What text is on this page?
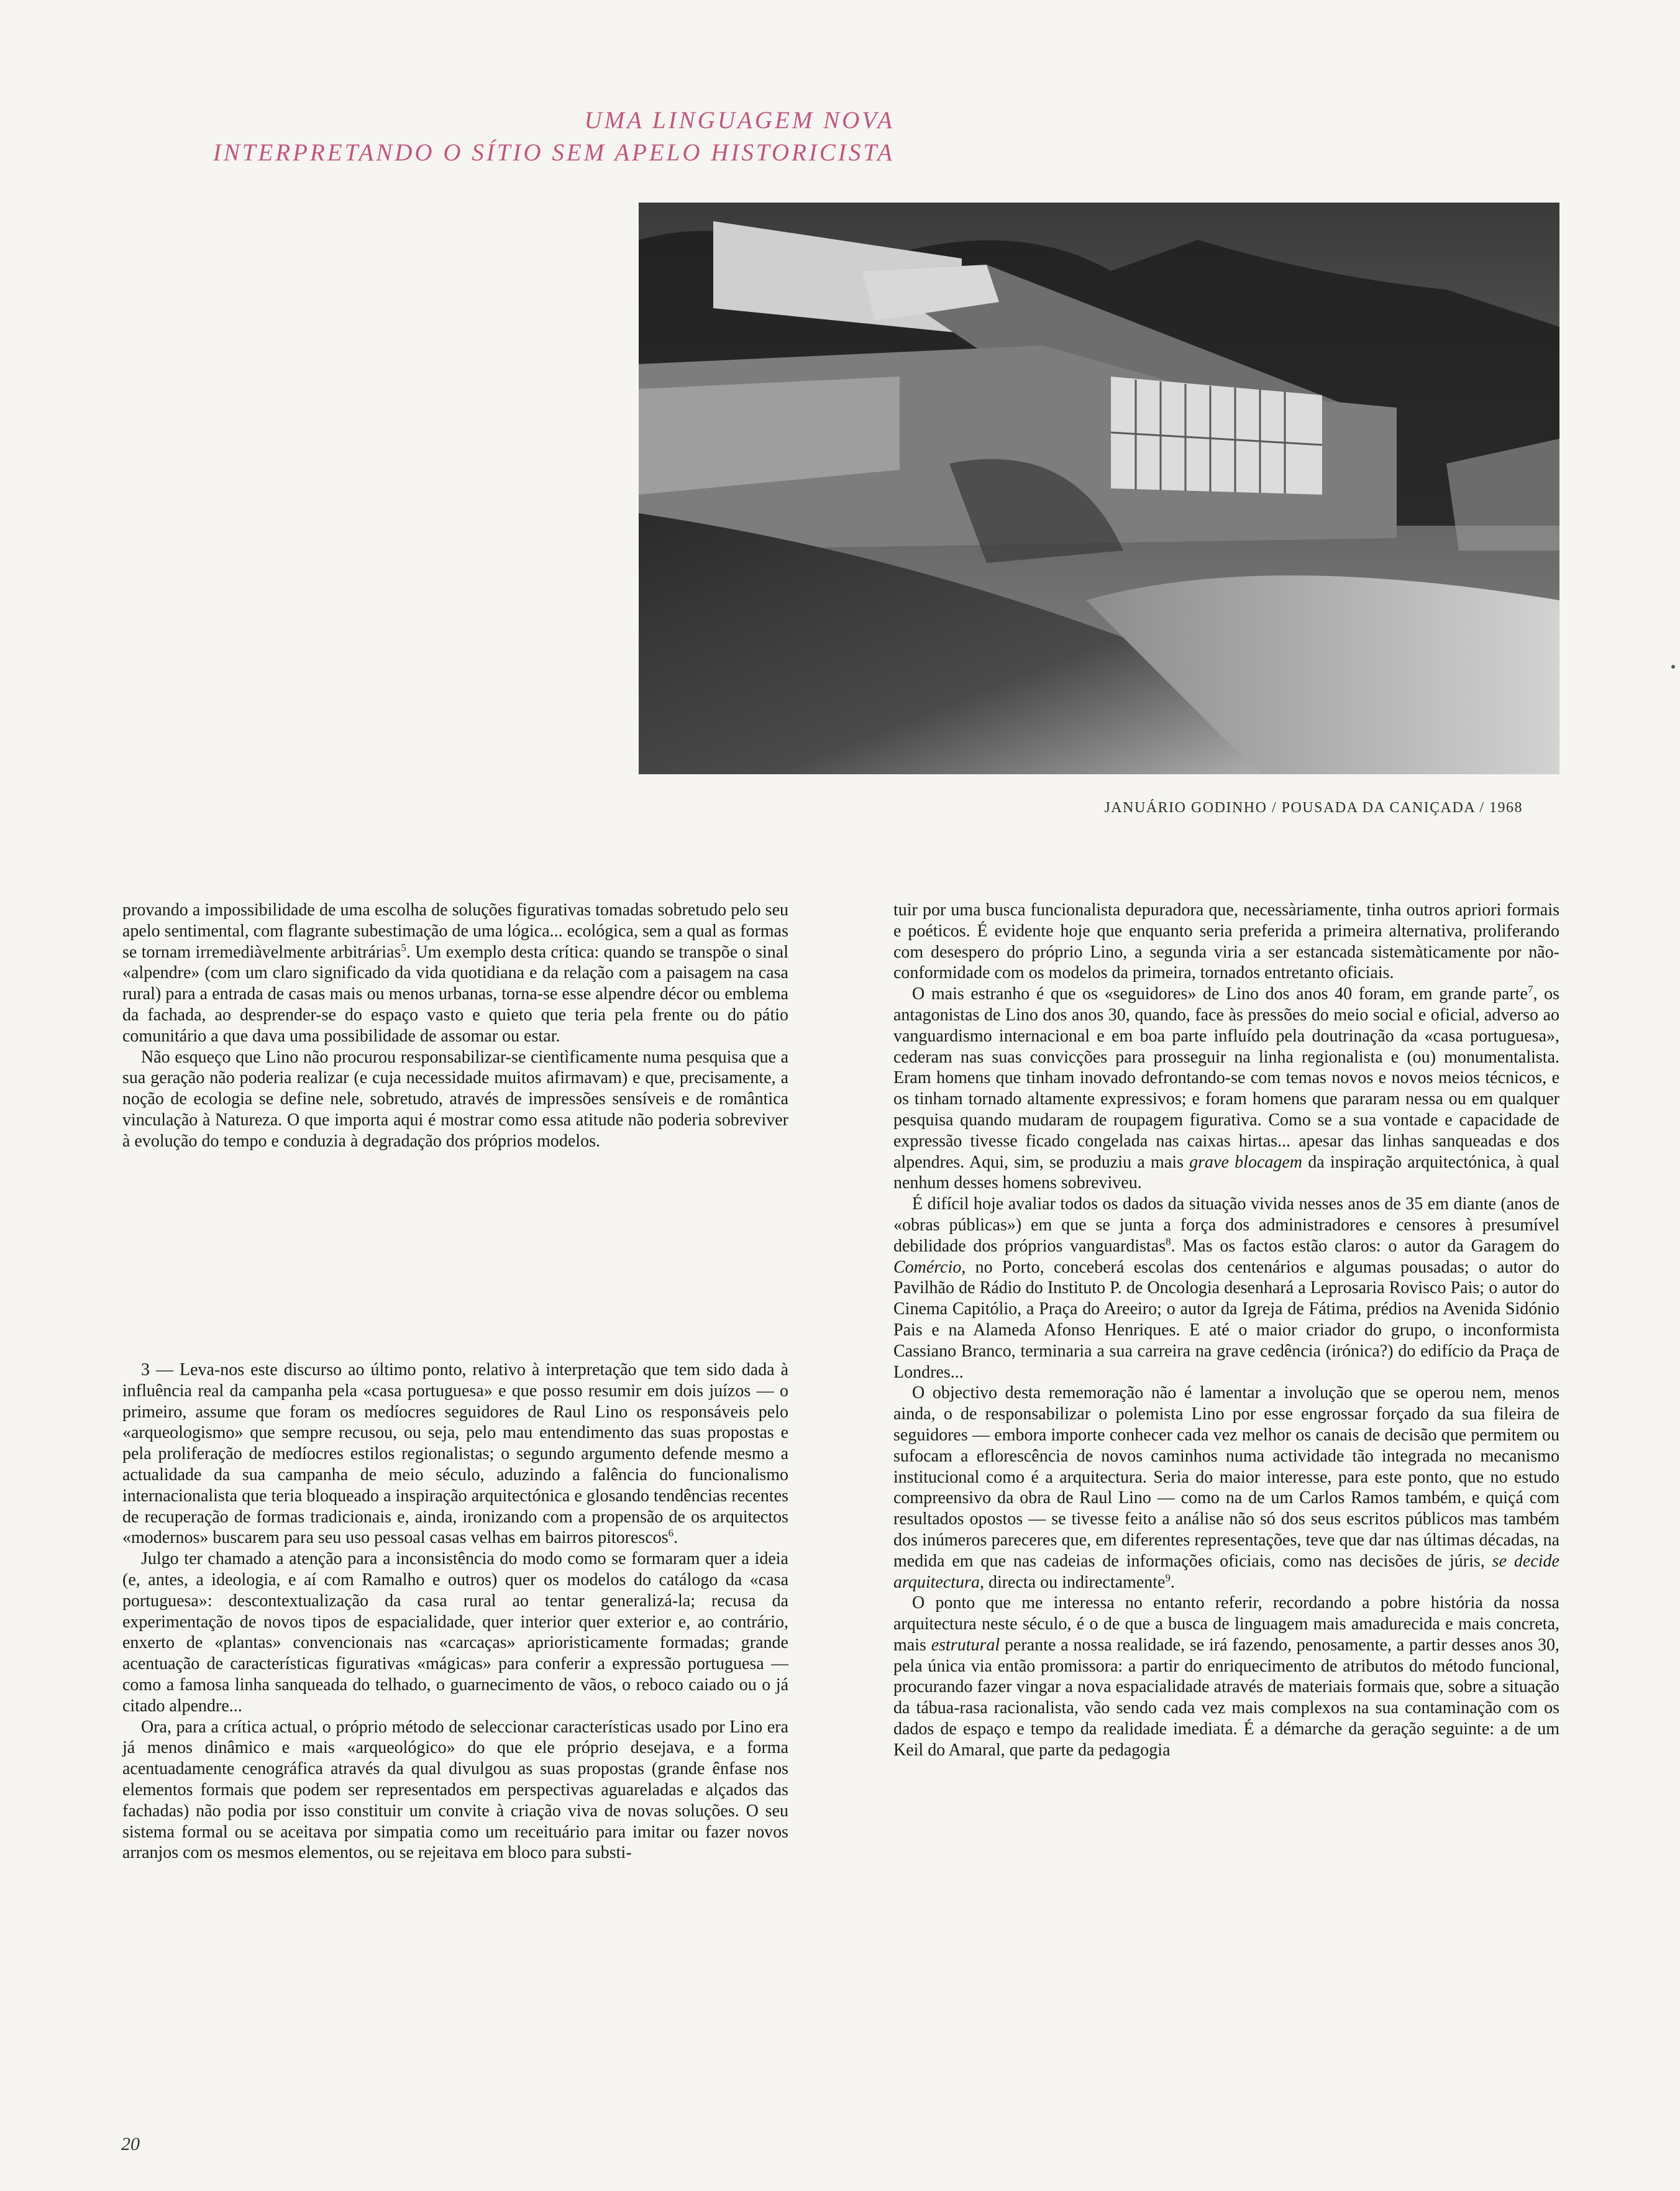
UMA LINGUAGEM NOVA
INTERPRETANDO O SÍTIO SEM APELO HISTORICISTA
JANUÁRIO GODINHO / POUSADA DA CANIÇADA / 1968

provando a impossibilidade de uma escolha de soluções figurativas tomadas sobretudo pelo seu apelo sentimental, com flagrante subestimação de uma lógica... ecológica, sem a qual as formas se tornam irremediàvelmente arbitrárias$^5$. Um exemplo desta crítica: quando se transpõe o sinal «alpendre» (com um claro significado da vida quotidiana e da relação com a paisagem na casa rural) para a entrada de casas mais ou menos urbanas, torna-se esse alpendre décor ou emblema da fachada, ao desprender-se do espaço vasto e quieto que teria pela frente ou do pátio comunitário a que dava uma possibilidade de assomar ou estar.

Não esqueço que Lino não procurou responsabilizar-se cientìficamente numa pesquisa que a sua geração não poderia realizar (e cuja necessidade muitos afirmavam) e que, precisamente, a noção de ecologia se define nele, sobretudo, através de impressões sensíveis e de romântica vinculação à Natureza. O que importa aqui é mostrar como essa atitude não poderia sobreviver à evolução do tempo e conduzia à degradação dos próprios modelos.

3 — Leva-nos este discurso ao último ponto, relativo à interpretação que tem sido dada à influência real da campanha pela «casa portuguesa» e que posso resumir em dois juízos — o primeiro, assume que foram os medíocres seguidores de Raul Lino os responsáveis pelo «arqueologismo» que sempre recusou, ou seja, pelo mau entendimento das suas propostas e pela proliferação de medíocres estilos regionalistas; o segundo argumento defende mesmo a actualidade da sua campanha de meio século, aduzindo a falência do funcionalismo internacionalista que teria bloqueado a inspiração arquitectónica e glosando tendências recentes de recuperação de formas tradicionais e, ainda, ironizando com a propensão de os arquitectos «modernos» buscarem para seu uso pessoal casas velhas em bairros pitorescos$^6$.

Julgo ter chamado a atenção para a inconsistência do modo como se formaram quer a ideia (e, antes, a ideologia, e aí com Ramalho e outros) quer os modelos do catálogo da «casa portuguesa»: descontextualização da casa rural ao tentar generalizá-la; recusa da experimentação de novos tipos de espacialidade, quer interior quer exterior e, ao contrário, enxerto de «plantas» convencionais nas «carcaças» aprioristicamente formadas; grande acentuação de características figurativas «mágicas» para conferir a expressão portuguesa — como a famosa linha sanqueada do telhado, o guarnecimento de vãos, o reboco caiado ou o já citado alpendre...

Ora, para a crítica actual, o próprio método de seleccionar características usado por Lino era já menos dinâmico e mais «arqueológico» do que ele próprio desejava, e a forma acentuadamente cenográfica através da qual divulgou as suas propostas (grande ênfase nos elementos formais que podem ser representados em perspectivas aguareladas e alçados das fachadas) não podia por isso constituir um convite à criação viva de novas soluções. O seu sistema formal ou se aceitava por simpatia como um receituário para imitar ou fazer novos arranjos com os mesmos elementos, ou se rejeitava em bloco para substi-

tuir por uma busca funcionalista depuradora que, necessàriamente, tinha outros apriori formais e poéticos. É evidente hoje que enquanto seria preferida a primeira alternativa, proliferando com desespero do próprio Lino, a segunda viria a ser estancada sistemàticamente por não-conformidade com os modelos da primeira, tornados entretanto oficiais.

O mais estranho é que os «seguidores» de Lino dos anos 40 foram, em grande parte$^7$, os antagonistas de Lino dos anos 30, quando, face às pressões do meio social e oficial, adverso ao vanguardismo internacional e em boa parte influído pela doutrinação da «casa portuguesa», cederam nas suas convicções para prosseguir na linha regionalista e (ou) monumentalista. Eram homens que tinham inovado defrontando-se com temas novos e novos meios técnicos, e os tinham tornado altamente expressivos; e foram homens que pararam nessa ou em qualquer pesquisa quando mudaram de roupagem figurativa. Como se a sua vontade e capacidade de expressão tivesse ficado congelada nas caixas hirtas... apesar das linhas sanqueadas e dos alpendres. Aqui, sim, se produziu a mais grave blocagem da inspiração arquitectónica, à qual nenhum desses homens sobreviveu.

É difícil hoje avaliar todos os dados da situação vivida nesses anos de 35 em diante (anos de «obras públicas») em que se junta a força dos administradores e censores à presumível debilidade dos próprios vanguardistas$^8$. Mas os factos estão claros: o autor da Garagem do Comércio, no Porto, conceberá escolas dos centenários e algumas pousadas; o autor do Pavilhão de Rádio do Instituto P. de Oncologia desenhará a Leprosaria Rovisco Pais; o autor do Cinema Capitólio, a Praça do Areeiro; o autor da Igreja de Fátima, prédios na Avenida Sidónio Pais e na Alameda Afonso Henriques. E até o maior criador do grupo, o inconformista Cassiano Branco, terminaria a sua carreira na grave cedência (irónica?) do edifício da Praça de Londres...

O objectivo desta rememoração não é lamentar a involução que se operou nem, menos ainda, o de responsabilizar o polemista Lino por esse engrossar forçado da sua fileira de seguidores — embora importe conhecer cada vez melhor os canais de decisão que permitem ou sufocam a eflorescência de novos caminhos numa actividade tão integrada no mecanismo institucional como é a arquitectura. Seria do maior interesse, para este ponto, que no estudo compreensivo da obra de Raul Lino — como na de um Carlos Ramos também, e quiçá com resultados opostos — se tivesse feito a análise não só dos seus escritos públicos mas também dos inúmeros pareceres que, em diferentes representações, teve que dar nas últimas décadas, na medida em que nas cadeias de informações oficiais, como nas decisões de júris, se decide arquitectura, directa ou indirectamente$^9$.

O ponto que me interessa no entanto referir, recordando a pobre história da nossa arquitectura neste século, é o de que a busca de linguagem mais amadurecida e mais concreta, mais estrutural perante a nossa realidade, se irá fazendo, penosamente, a partir desses anos 30, pela única via então promissora: a partir do enriquecimento de atributos do método funcional, procurando fazer vingar a nova espacialidade através de materiais formais que, sobre a situação da tábua-rasa racionalista, vão sendo cada vez mais complexos na sua contaminação com os dados de espaço e tempo da realidade imediata. É a démarche da geração seguinte: a de um Keil do Amaral, que parte da pedagogia

20
